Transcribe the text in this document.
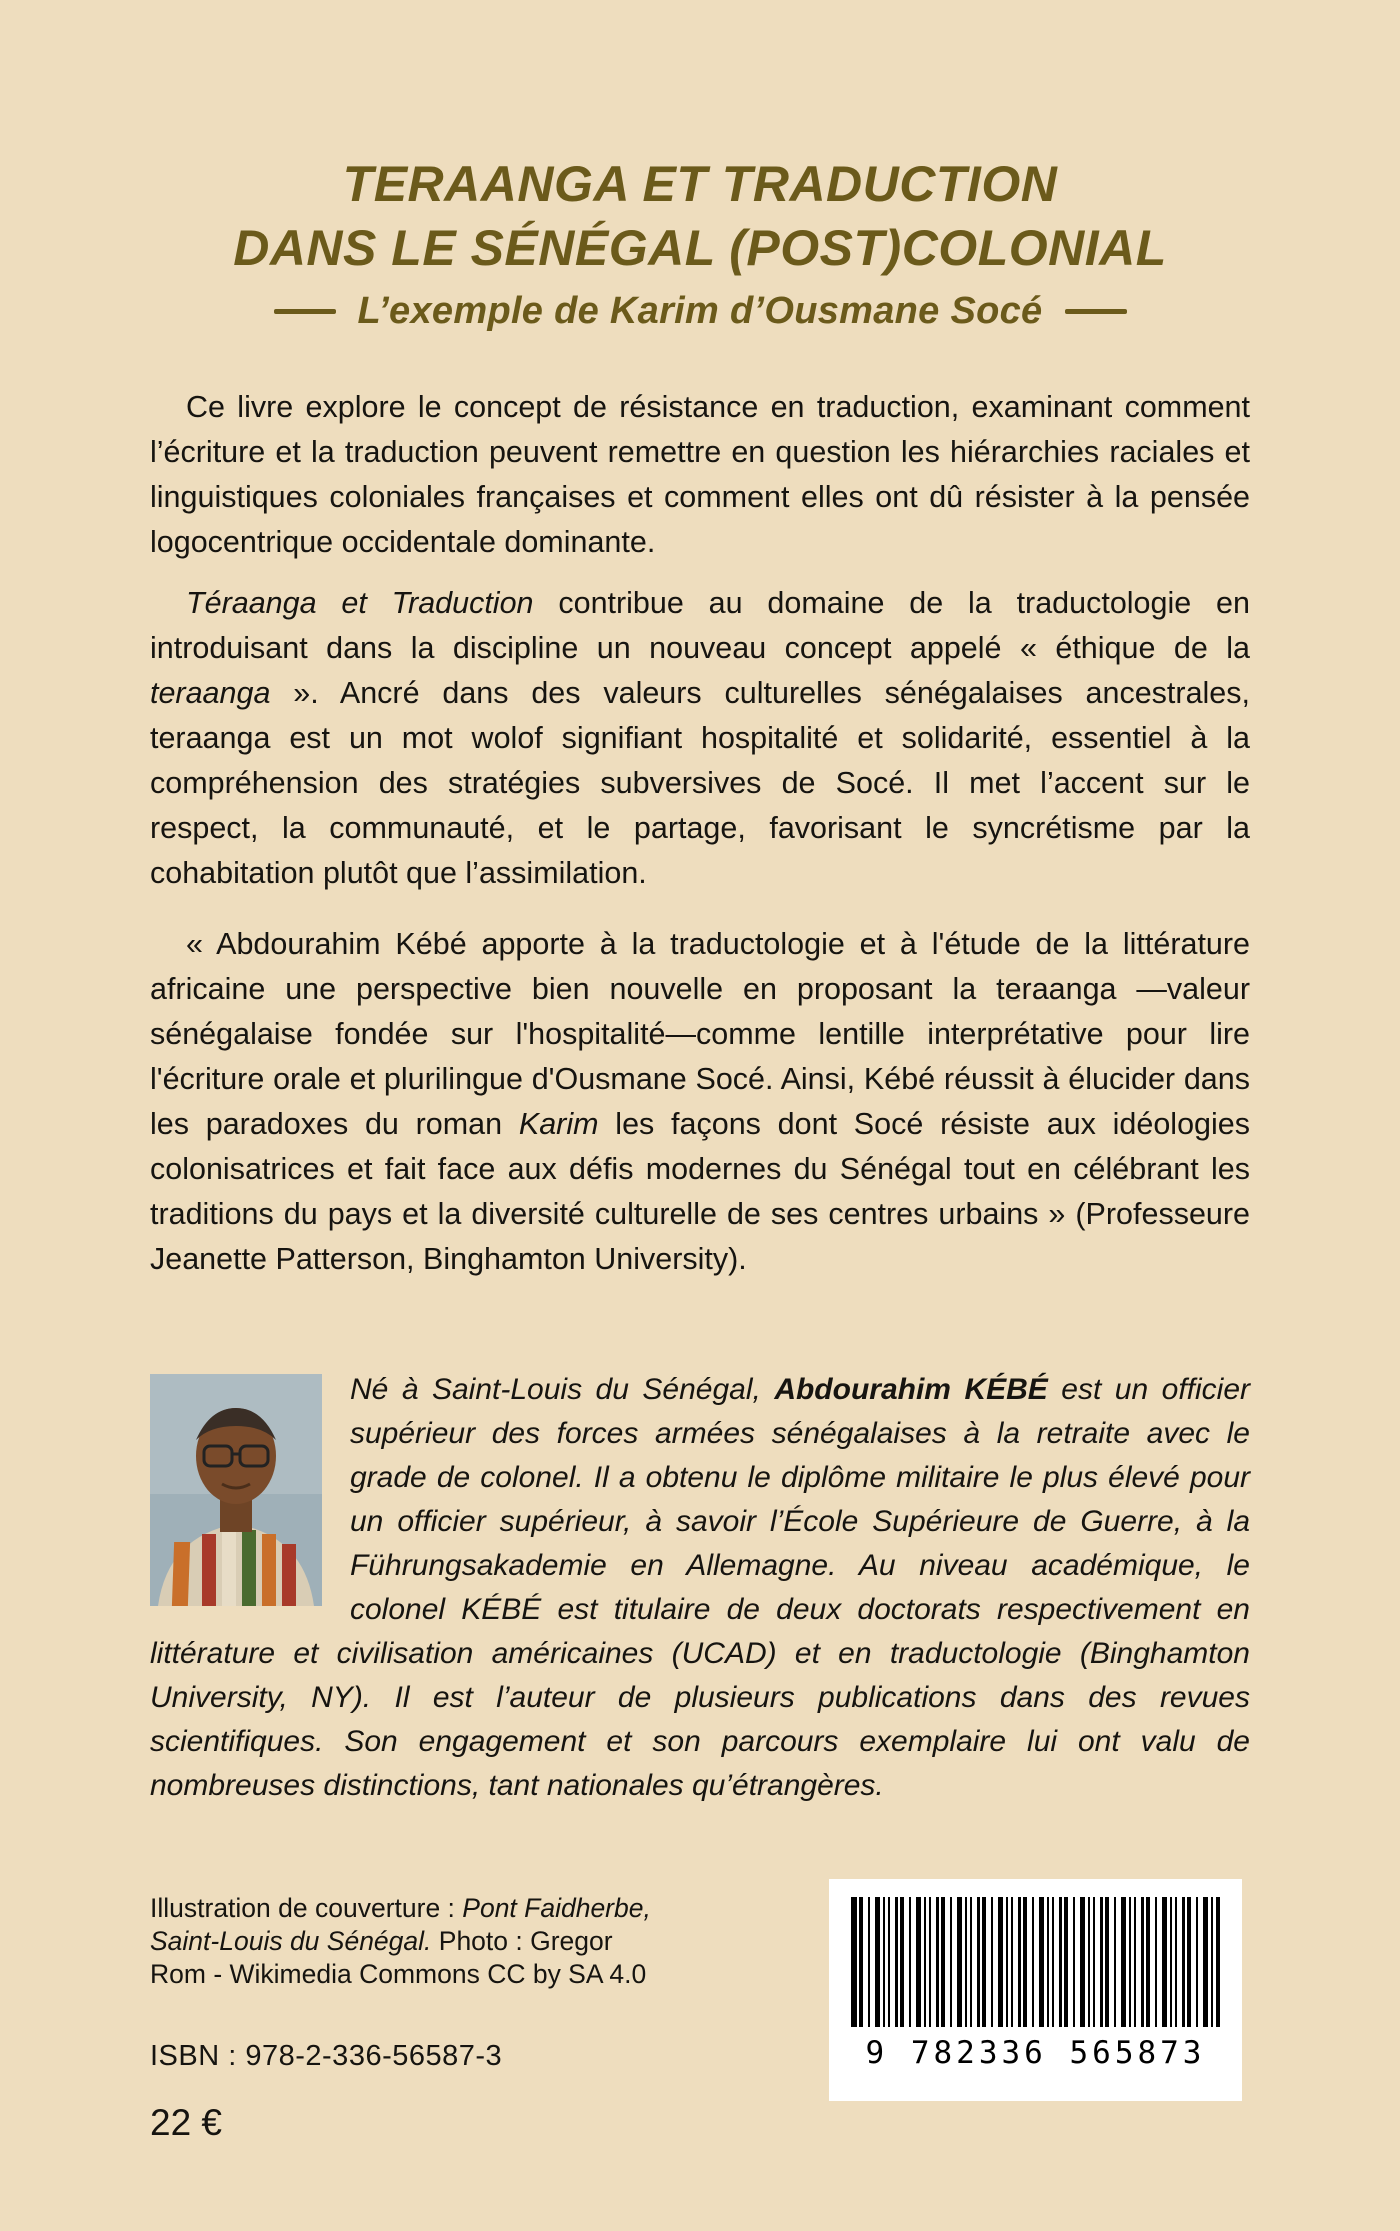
TERAANGA ET TRADUCTION
DANS LE SÉNÉGAL (POST)COLONIAL
L’exemple de Karim d’Ousmane Socé

Ce livre explore le concept de résistance en traduction, examinant comment l’écriture et la traduction peuvent remettre en question les hiérarchies raciales et linguistiques coloniales françaises et comment elles ont dû résister à la pensée logocentrique occidentale dominante.

Téraanga et Traduction contribue au domaine de la traductologie en introduisant dans la discipline un nouveau concept appelé « éthique de la teraanga ». Ancré dans des valeurs culturelles sénégalaises ancestrales, teraanga est un mot wolof signifiant hospitalité et solidarité, essentiel à la compréhension des stratégies subversives de Socé. Il met l’accent sur le respect, la communauté, et le partage, favorisant le syncrétisme par la cohabitation plutôt que l’assimilation.

« Abdourahim Kébé apporte à la traductologie et à l'étude de la littérature africaine une perspective bien nouvelle en proposant la teraanga —valeur sénégalaise fondée sur l'hospitalité—comme lentille interprétative pour lire l'écriture orale et plurilingue d'Ousmane Socé. Ainsi, Kébé réussit à élucider dans les paradoxes du roman Karim les façons dont Socé résiste aux idéologies colonisatrices et fait face aux défis modernes du Sénégal tout en célébrant les traditions du pays et la diversité culturelle de ses centres urbains » (Professeure Jeanette Patterson, Binghamton University).

Né à Saint-Louis du Sénégal, Abdourahim KÉBÉ est un officier supérieur des forces armées sénégalaises à la retraite avec le grade de colonel. Il a obtenu le diplôme militaire le plus élevé pour un officier supérieur, à savoir l’École Supérieure de Guerre, à la Führungsakademie en Allemagne. Au niveau académique, le colonel KÉBÉ est titulaire de deux doctorats respectivement en littérature et civilisation américaines (UCAD) et en traductologie (Binghamton University, NY). Il est l’auteur de plusieurs publications dans des revues scientifiques. Son engagement et son parcours exemplaire lui ont valu de nombreuses distinctions, tant nationales qu’étrangères.
Illustration de couverture : Pont Faidherbe, Saint-Louis du Sénégal. Photo : Gregor Rom - Wikimedia Commons CC by SA 4.0
ISBN : 978-2-336-56587-3
22 €
9 782336 565873
